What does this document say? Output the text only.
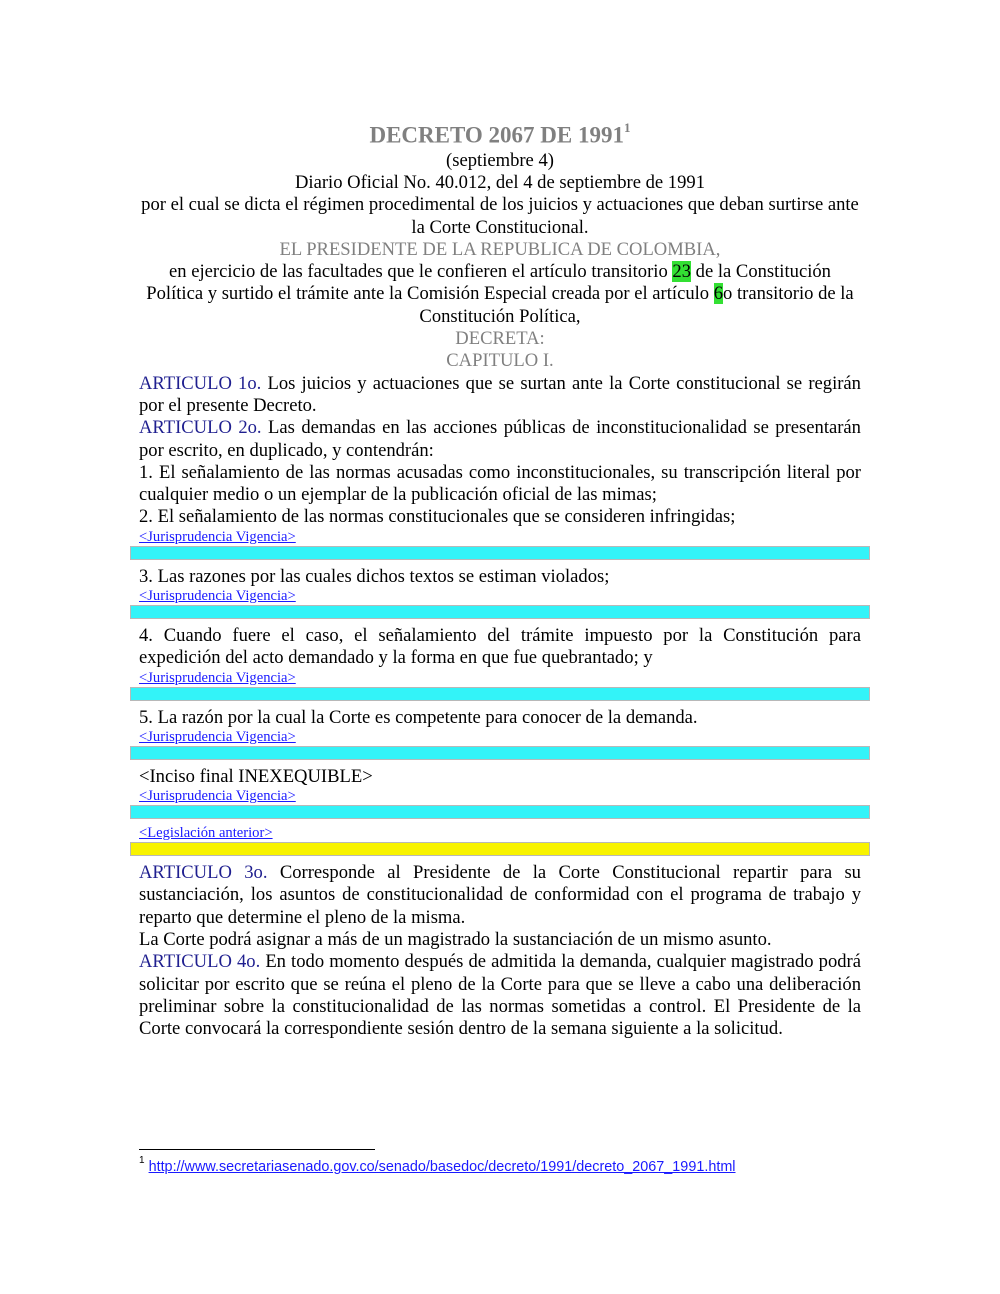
DECRETO 2067 DE 1991$^1$
(septiembre 4)
Diario Oficial No. 40.012, del 4 de septiembre de 1991
por el cual se dicta el régimen procedimental de los juicios y actuaciones que deban surtirse ante la Corte Constitucional.
EL PRESIDENTE DE LA REPUBLICA DE COLOMBIA,
en ejercicio de las facultades que le confieren el artículo transitorio 23 de la Constitución Política y surtido el trámite ante la Comisión Especial creada por el artículo 6o transitorio de la Constitución Política,
DECRETA:
CAPITULO I.
ARTICULO 1o. Los juicios y actuaciones que se surtan ante la Corte constitucional se regirán por el presente Decreto.
ARTICULO 2o. Las demandas en las acciones públicas de inconstitucionalidad se presentarán por escrito, en duplicado, y contendrán:
1. El señalamiento de las normas acusadas como inconstitucionales, su transcripción literal por cualquier medio o un ejemplar de la publicación oficial de las mimas;
2. El señalamiento de las normas constitucionales que se consideren infringidas;
<Jurisprudencia Vigencia>
3. Las razones por las cuales dichos textos se estiman violados;
<Jurisprudencia Vigencia>
4. Cuando fuere el caso, el señalamiento del trámite impuesto por la Constitución para expedición del acto demandado y la forma en que fue quebrantado; y
<Jurisprudencia Vigencia>
5. La razón por la cual la Corte es competente para conocer de la demanda.
<Jurisprudencia Vigencia>
<Inciso final INEXEQUIBLE>
<Jurisprudencia Vigencia>
<Legislación anterior>
ARTICULO 3o. Corresponde al Presidente de la Corte Constitucional repartir para su sustanciación, los asuntos de constitucionalidad de conformidad con el programa de trabajo y reparto que determine el pleno de la misma.
La Corte podrá asignar a más de un magistrado la sustanciación de un mismo asunto.
ARTICULO 4o. En todo momento después de admitida la demanda, cualquier magistrado podrá solicitar por escrito que se reúna el pleno de la Corte para que se lleve a cabo una deliberación preliminar sobre la constitucionalidad de las normas sometidas a control. El Presidente de la Corte convocará la correspondiente sesión dentro de la semana siguiente a la solicitud.
$^1$ http://www.secretariasenado.gov.co/senado/basedoc/decreto/1991/decreto_2067_1991.html
